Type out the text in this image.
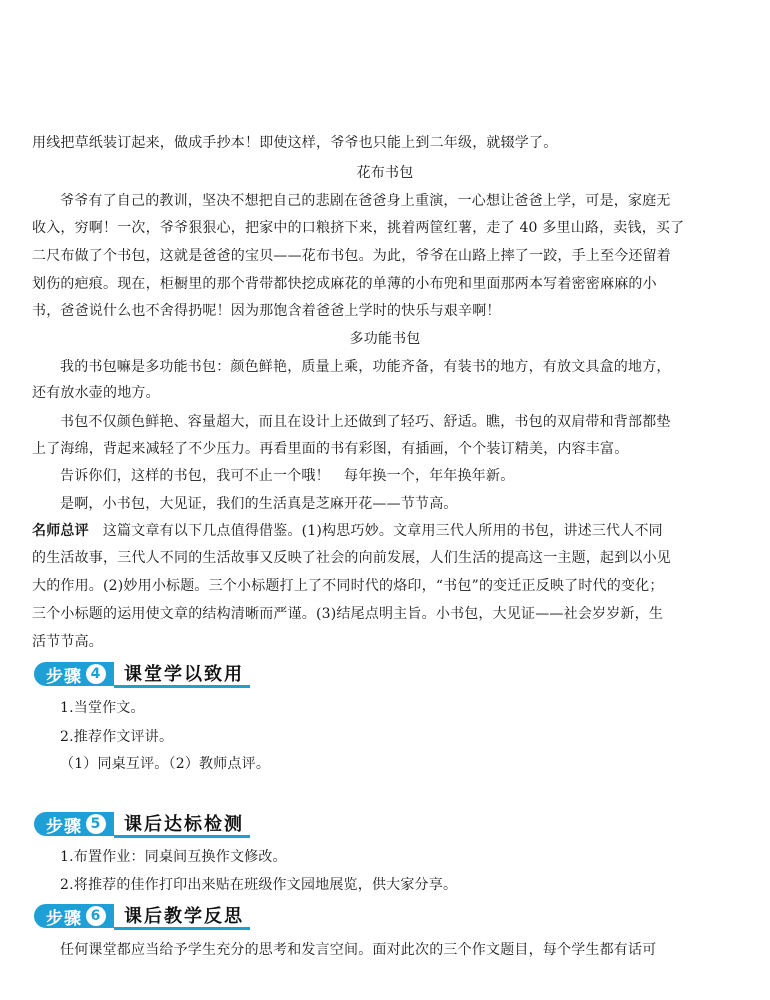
用线把草纸装订起来，做成手抄本！即使这样，爷爷也只能上到二年级，就辍学了。

花布书包

爷爷有了自己的教训，坚决不想把自己的悲剧在爸爸身上重演，一心想让爸爸上学，可是，家庭无

收入，穷啊！一次，爷爷狠狠心，把家中的口粮挤下来，挑着两筐红薯，走了 40 多里山路，卖钱，买了

二尺布做了个书包，这就是爸爸的宝贝——花布书包。为此，爷爷在山路上摔了一跤，手上至今还留着

划伤的疤痕。现在，柜橱里的那个背带都快挖成麻花的单薄的小布兜和里面那两本写着密密麻麻的小

书，爸爸说什么也不舍得扔呢！因为那饱含着爸爸上学时的快乐与艰辛啊！

多功能书包

我的书包嘛是多功能书包：颜色鲜艳，质量上乘，功能齐备，有装书的地方，有放文具盒的地方，

还有放水壶的地方。

书包不仅颜色鲜艳、容量超大，而且在设计上还做到了轻巧、舒适。瞧，书包的双肩带和背部都垫

上了海绵，背起来减轻了不少压力。再看里面的书有彩图，有插画，个个装订精美，内容丰富。

告诉你们，这样的书包，我可不止一个哦！　每年换一个，年年换年新。

是啊，小书包，大见证，我们的生活真是芝麻开花——节节高。

名师总评 这篇文章有以下几点值得借鉴。(1)构思巧妙。文章用三代人所用的书包，讲述三代人不同

的生活故事，三代人不同的生活故事又反映了社会的向前发展，人们生活的提高这一主题，起到以小见

大的作用。(2)妙用小标题。三个小标题打上了不同时代的烙印，“书包”的变迁正反映了时代的变化；

三个小标题的运用使文章的结构清晰而严谨。(3)结尾点明主旨。小书包，大见证——社会岁岁新，生

活节节高。

步骤 4	课堂学以致用

1.当堂作文。

2.推荐作文评讲。

（1）同桌互评。（2）教师点评。

步骤 5	课后达标检测

1.布置作业：同桌间互换作文修改。

2.将推荐的佳作打印出来贴在班级作文园地展览，供大家分享。

步骤 6	课后教学反思

任何课堂都应当给予学生充分的思考和发言空间。面对此次的三个作文题目，每个学生都有话可
